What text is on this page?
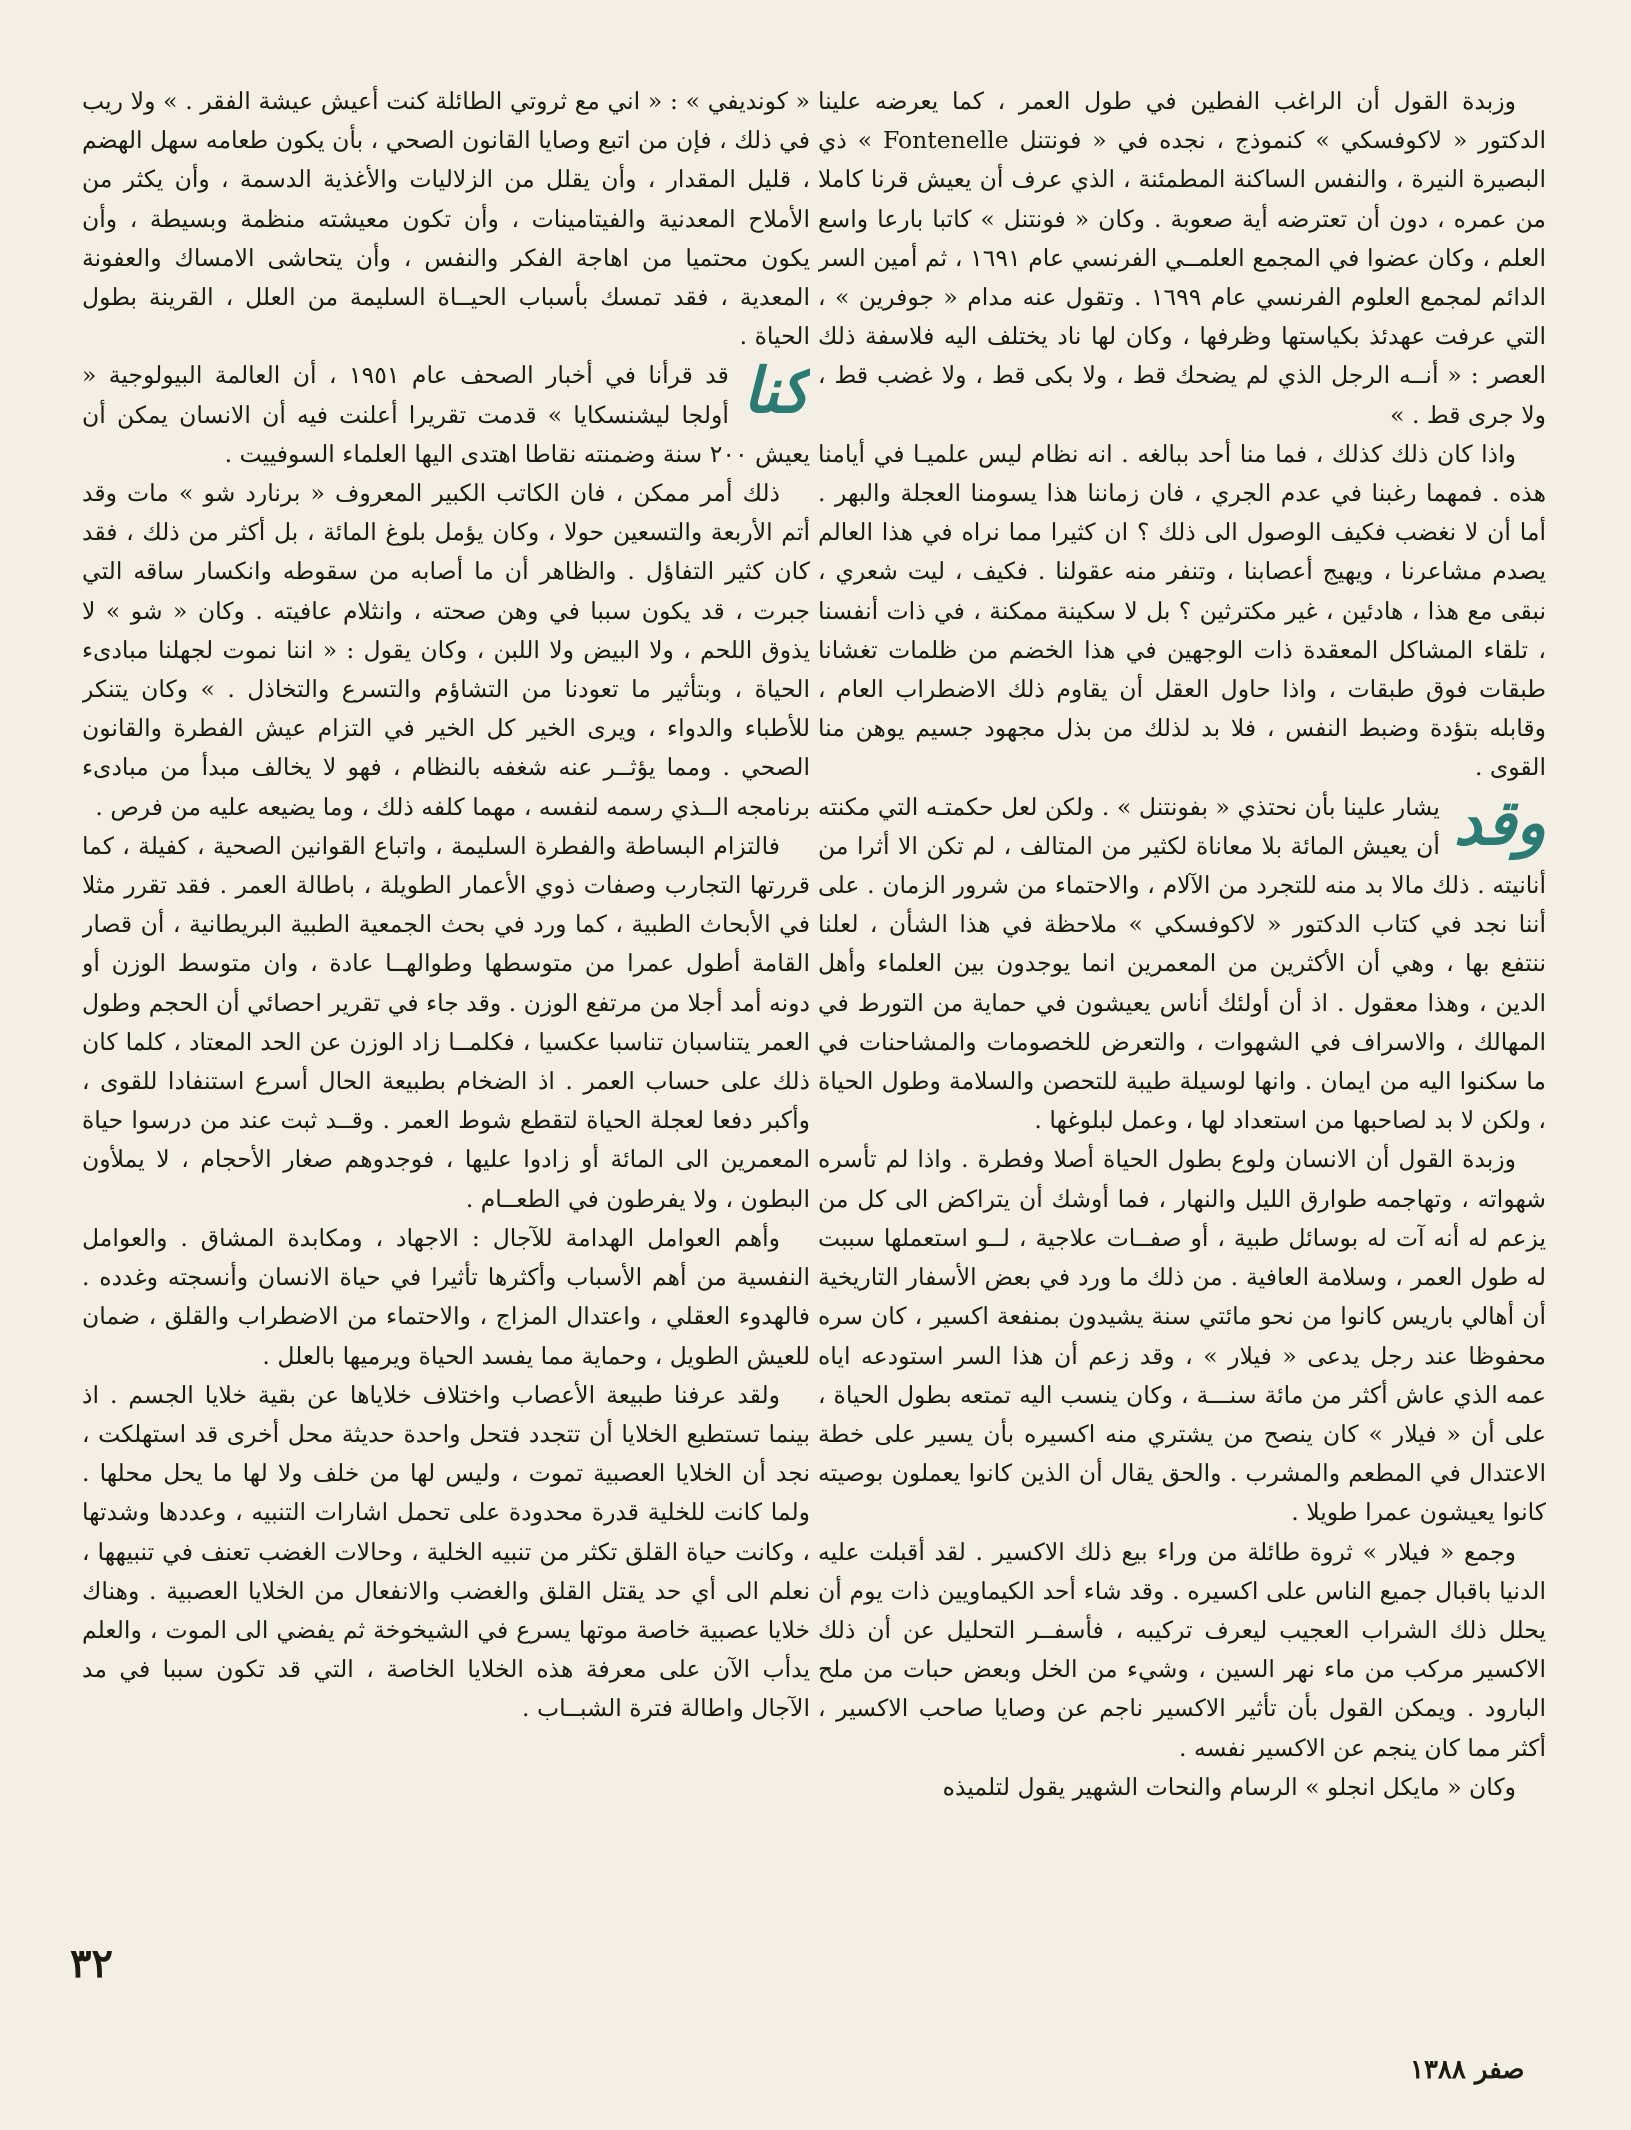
وزبدة القول أن الراغب الفطين في طول العمر ، كما يعرضه علينا الدكتور « لاكوفسكي » كنموذج ، نجده في « فونتنل Fontenelle » ذي البصيرة النيرة ، والنفس الساكنة المطمئنة ، الذي عرف أن يعيش قرنا كاملا من عمره ، دون أن تعترضه أية صعوبة . وكان « فونتنل » كاتبا بارعا واسع العلم ، وكان عضوا في المجمع العلمــي الفرنسي عام ١٦٩١ ، ثم أمين السر الدائم لمجمع العلوم الفرنسي عام ١٦٩٩ . وتقول عنه مدام « جوفرين » ، التي عرفت عهدئذ بكياستها وظرفها ، وكان لها ناد يختلف اليه فلاسفة ذلك العصر : « أنــه الرجل الذي لم يضحك قط ، ولا بكى قط ، ولا غضب قط ، ولا جرى قط . »

واذا كان ذلك كذلك ، فما منا أحد ببالغه . انه نظام ليس علميـا في أيامنا هذه . فمهما رغبنا في عدم الجري ، فان زماننا هذا يسومنا العجلة والبهر . أما أن لا نغضب فكيف الوصول الى ذلك ؟ ان كثيرا مما نراه في هذا العالم يصدم مشاعرنا ، ويهيج أعصابنا ، وتنفر منه عقولنا . فكيف ، ليت شعري ، نبقى مع هذا ، هادئين ، غير مكترثين ؟ بل لا سكينة ممكنة ، في ذات أنفسنا ، تلقاء المشاكل المعقدة ذات الوجهين في هذا الخضم من ظلمات تغشانا طبقات فوق طبقات ، واذا حاول العقل أن يقاوم ذلك الاضطراب العام ، وقابله بتؤدة وضبط النفس ، فلا بد لذلك من بذل مجهود جسيم يوهن منا القوى .

وقد
يشار علينا بأن نحتذي « بفونتنل » . ولكن لعل حكمتـه التي مكنته أن يعيش المائة بلا معاناة لكثير من المتالف ، لم تكن الا أثرا من أنانيته . ذلك مالا بد منه للتجرد من الآلام ، والاحتماء من شرور الزمان . على أننا نجد في كتاب الدكتور « لاكوفسكي » ملاحظة في هذا الشأن ، لعلنا ننتفع بها ، وهي أن الأكثرين من المعمرين انما يوجدون بين العلماء وأهل الدين ، وهذا معقول . اذ أن أولئك أناس يعيشون في حماية من التورط في المهالك ، والاسراف في الشهوات ، والتعرض للخصومات والمشاحنات في ما سكنوا اليه من ايمان . وانها لوسيلة طيبة للتحصن والسلامة وطول الحياة ، ولكن لا بد لصاحبها من استعداد لها ، وعمل لبلوغها .

وزبدة القول أن الانسان ولوع بطول الحياة أصلا وفطرة . واذا لم تأسره شهواته ، وتهاجمه طوارق الليل والنهار ، فما أوشك أن يتراكض الى كل من يزعم له أنه آت له بوسائل طبية ، أو صفــات علاجية ، لــو استعملها سببت له طول العمر ، وسلامة العافية . من ذلك ما ورد في بعض الأسفار التاريخية أن أهالي باريس كانوا من نحو مائتي سنة يشيدون بمنفعة اكسير ، كان سره محفوظا عند رجل يدعى « فيلار » ، وقد زعم أن هذا السر استودعه اياه عمه الذي عاش أكثر من مائة سنـــة ، وكان ينسب اليه تمتعه بطول الحياة ، على أن « فيلار » كان ينصح من يشتري منه اكسيره بأن يسير على خطة الاعتدال في المطعم والمشرب . والحق يقال أن الذين كانوا يعملون بوصيته كانوا يعيشون عمرا طويلا .

وجمع « فيلار » ثروة طائلة من وراء بيع ذلك الاكسير . لقد أقبلت عليه الدنيا باقبال جميع الناس على اكسيره . وقد شاء أحد الكيماويين ذات يوم أن يحلل ذلك الشراب العجيب ليعرف تركيبه ، فأسفــر التحليل عن أن ذلك الاكسير مركب من ماء نهر السين ، وشيء من الخل وبعض حبات من ملح البارود . ويمكن القول بأن تأثير الاكسير ناجم عن وصايا صاحب الاكسير ، أكثر مما كان ينجم عن الاكسير نفسه .

وكان « مايكل انجلو » الرسام والنحات الشهير يقول لتلميذه

« كونديفي » : « اني مع ثروتي الطائلة كنت أعيش عيشة الفقر . » ولا ريب في ذلك ، فإن من اتبع وصايا القانون الصحي ، بأن يكون طعامه سهل الهضم ، قليل المقدار ، وأن يقلل من الزلاليات والأغذية الدسمة ، وأن يكثر من الأملاح المعدنية والفيتامينات ، وأن تكون معيشته منظمة وبسيطة ، وأن يكون محتميا من اهاجة الفكر والنفس ، وأن يتحاشى الامساك والعفونة المعدية ، فقد تمسك بأسباب الحيــاة السليمة من العلل ، القرينة بطول الحياة .

كنا
قد قرأنا في أخبار الصحف عام ١٩٥١ ، أن العالمة البيولوجية « أولجا ليشنسكايا » قدمت تقريرا أعلنت فيه أن الانسان يمكن أن يعيش ٢٠٠ سنة وضمنته نقاطا اهتدى اليها العلماء السوفييت .

ذلك أمر ممكن ، فان الكاتب الكبير المعروف « برنارد شو » مات وقد أتم الأربعة والتسعين حولا ، وكان يؤمل بلوغ المائة ، بل أكثر من ذلك ، فقد كان كثير التفاؤل . والظاهر أن ما أصابه من سقوطه وانكسار ساقه التي جبرت ، قد يكون سببا في وهن صحته ، وانثلام عافيته . وكان « شو » لا يذوق اللحم ، ولا البيض ولا اللبن ، وكان يقول : « اننا نموت لجهلنا مبادىء الحياة ، وبتأثير ما تعودنا من التشاؤم والتسرع والتخاذل . » وكان يتنكر للأطباء والدواء ، ويرى الخير كل الخير في التزام عيش الفطرة والقانون الصحي . ومما يؤثــر عنه شغفه بالنظام ، فهو لا يخالف مبدأ من مبادىء برنامجه الــذي رسمه لنفسه ، مهما كلفه ذلك ، وما يضيعه عليه من فرص .

فالتزام البساطة والفطرة السليمة ، واتباع القوانين الصحية ، كفيلة ، كما قررتها التجارب وصفات ذوي الأعمار الطويلة ، باطالة العمر . فقد تقرر مثلا في الأبحاث الطبية ، كما ورد في بحث الجمعية الطبية البريطانية ، أن قصار القامة أطول عمرا من متوسطها وطوالهــا عادة ، وان متوسط الوزن أو دونه أمد أجلا من مرتفع الوزن . وقد جاء في تقرير احصائي أن الحجم وطول العمر يتناسبان تناسبا عكسيا ، فكلمــا زاد الوزن عن الحد المعتاد ، كلما كان ذلك على حساب العمر . اذ الضخام بطبيعة الحال أسرع استنفادا للقوى ، وأكبر دفعا لعجلة الحياة لتقطع شوط العمر . وقــد ثبت عند من درسوا حياة المعمرين الى المائة أو زادوا عليها ، فوجدوهم صغار الأحجام ، لا يملأون البطون ، ولا يفرطون في الطعــام .

وأهم العوامل الهدامة للآجال : الاجهاد ، ومكابدة المشاق . والعوامل النفسية من أهم الأسباب وأكثرها تأثيرا في حياة الانسان وأنسجته وغدده . فالهدوء العقلي ، واعتدال المزاج ، والاحتماء من الاضطراب والقلق ، ضمان للعيش الطويل ، وحماية مما يفسد الحياة ويرميها بالعلل .

ولقد عرفنا طبيعة الأعصاب واختلاف خلاياها عن بقية خلايا الجسم . اذ بينما تستطيع الخلايا أن تتجدد فتحل واحدة حديثة محل أخرى قد استهلكت ، نجد أن الخلايا العصبية تموت ، وليس لها من خلف ولا لها ما يحل محلها . ولما كانت للخلية قدرة محدودة على تحمل اشارات التنبيه ، وعددها وشدتها ، وكانت حياة القلق تكثر من تنبيه الخلية ، وحالات الغضب تعنف في تنبيهها ، نعلم الى أي حد يقتل القلق والغضب والانفعال من الخلايا العصبية . وهناك خلايا عصبية خاصة موتها يسرع في الشيخوخة ثم يفضي الى الموت ، والعلم يدأب الآن على معرفة هذه الخلايا الخاصة ، التي قد تكون سببا في مد الآجال واطالة فترة الشبــاب .

٣٢
صفر ١٣٨٨
